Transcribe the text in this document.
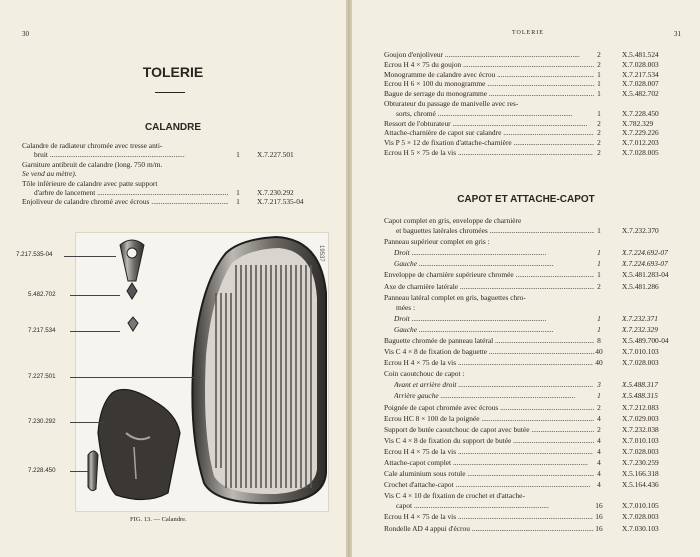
30
TOLERIE
CALANDRE
Calandre de radiateur chromée avec tresse anti-
bruit .....	1	X.7.227.501
Garniture antibruit de calandre (long. 750 m/m.
Se vend au mètre).
Tôle inférieure de calandre avec patte support
d'arbre de lancement .....	1	X.7.230.292
Enjoliveur de calandre chromé avec écrous .....	1	X.7.217.535-04
19537
7.217.535-04
5.482.702
7.217.534
7.227.501
7.230.292
7.228.450
FIG. 13. — Calandre.
TOLERIE	31
Goujon d'enjoliveur .....	2	X.5.481.524
Ecrou H 4 × 75 du goujon .....	2	X.7.028.003
Monogramme de calandre avec écrou .....	1	X.7.217.534
Ecrou H 6 × 100 du monogramme .....	1	X.7.028.007
Bague de serrage du monogramme .....	1	X.5.482.702
Obturateur du passage de manivelle avec res-
sorts, chromé .....	1	X.7.228.450
Ressort de l'obturateur .....	2	X.782.329
Attache-charnière de capot sur calandre .....	2	X.7.229.226
Vis P 5 × 12 de fixation d'attache-charnière .....	2	X.7.012.203
Ecrou H 5 × 75 de la vis .....	2	X.7.028.005
CAPOT ET ATTACHE-CAPOT
Capot complet en gris, enveloppe de charnière
et baguettes latérales chromées .....	1	X.7.232.370
Panneau supérieur complet en gris :
Droit .....	1	X.7.224.692-07
Gauche .....	1	X.7.224.693-07
Enveloppe de charnière supérieure chromée .....	1	X.5.481.283-04
Axe de charnière latérale .....	2	X.5.481.286
Panneau latéral complet en gris, baguettes chro-
mées :
Droit .....	1	X.7.232.371
Gauche .....	1	X.7.232.329
Baguette chromée de panneau latéral .....	8	X.5.489.700-04
Vis C 4 × 8 de fixation de baguette .....	40	X.7.010.103
Ecrou H 4 × 75 de la vis .....	40	X.7.028.003
Coin caoutchouc de capot :
Avant et arrière droit .....	3	X.5.488.317
Arrière gauche .....	1	X.5.488.315
Poignée de capot chromée avec écrous .....	2	X.7.212.083
Ecrou HC 8 × 100 de la poignée .....	4	X.7.029.003
Support de butée caoutchouc de capot avec butée .....	2	X.7.232.038
Vis C 4 × 8 de fixation du support de butée .....	4	X.7.010.103
Ecrou H 4 × 75 de la vis .....	4	X.7.028.003
Attache-capot complet .....	4	X.7.230.259
Cale aluminium sous rotule .....	4	X.5.166.318
Crochet d'attache-capot .....	4	X.5.164.436
Vis C 4 × 10 de fixation de crochet et d'attache-
capot .....	16	X.7.010.105
Ecrou H 4 × 75 de la vis .....	16	X.7.028.003
Rondelle AD 4 appui d'écrou .....	16	X.7.030.103
